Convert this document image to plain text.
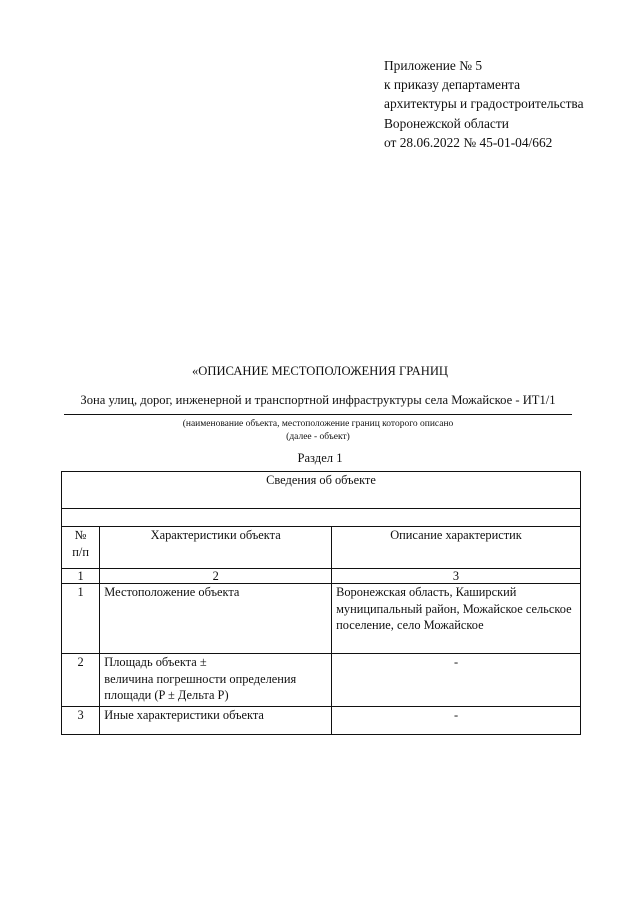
Приложение № 5
к приказу департамента
архитектуры и градостроительства
Воронежской области
от 28.06.2022 № 45-01-04/662
«ОПИСАНИЕ МЕСТОПОЛОЖЕНИЯ ГРАНИЦ
Зона улиц, дорог, инженерной и транспортной инфраструктуры села Можайское - ИТ1/1
(наименование объекта, местоположение границ которого описано
(далее - объект)
Раздел 1
Сведения об объекте		

№
п/п	Характеристики объекта	Описание характеристик
1	2	3
1	Местоположение объекта	Воронежская область, Каширский муниципальный район, Можайское сельское поселение, село Можайское
2	Площадь объекта ±
величина погрешности определения площади (P ± Дельта P)	-
3	Иные характеристики объекта	-
